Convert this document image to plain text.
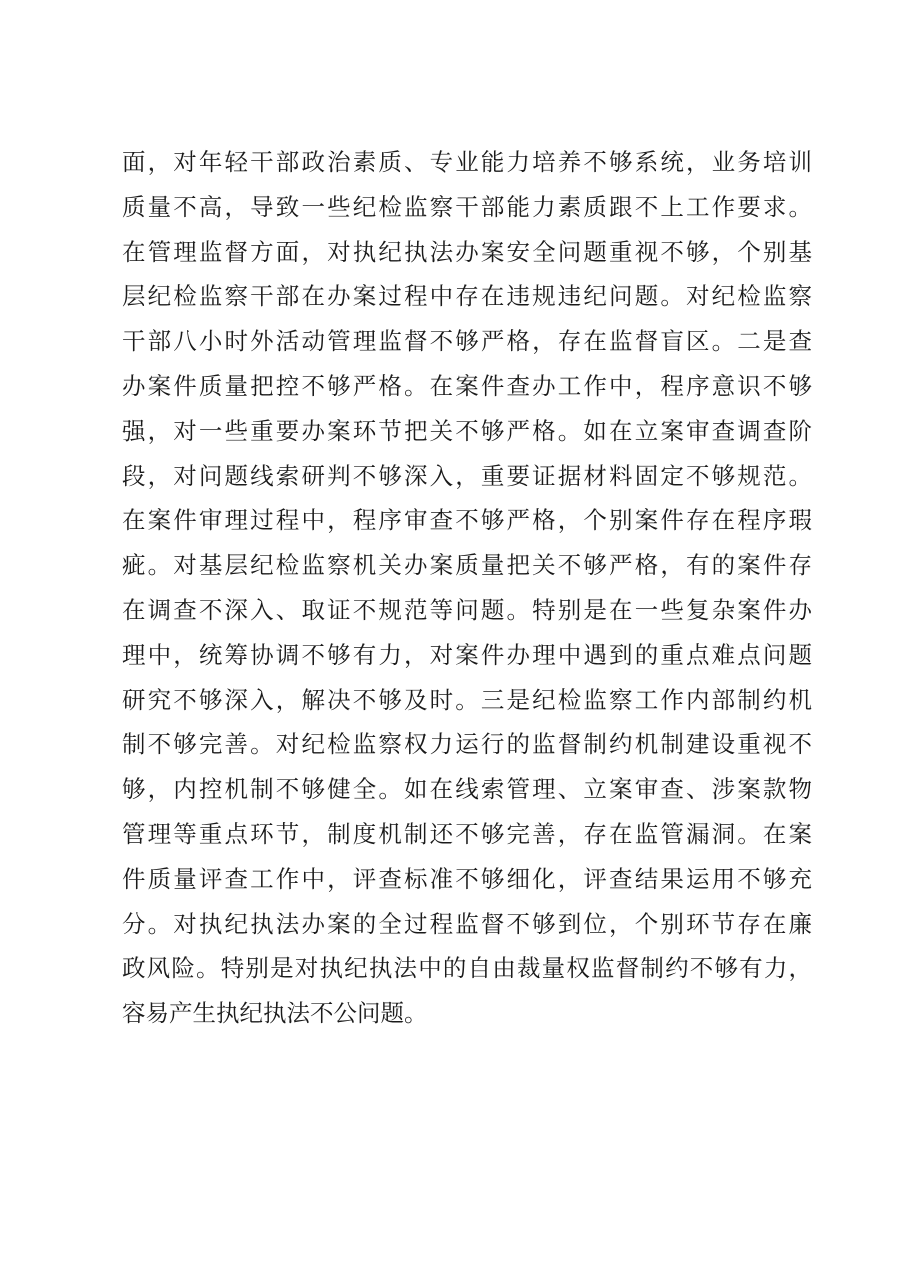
面，对年轻干部政治素质、专业能力培养不够系统，业务培训
质量不高，导致一些纪检监察干部能力素质跟不上工作要求。
在管理监督方面，对执纪执法办案安全问题重视不够，个别基
层纪检监察干部在办案过程中存在违规违纪问题。对纪检监察
干部八小时外活动管理监督不够严格，存在监督盲区。二是查
办案件质量把控不够严格。在案件查办工作中，程序意识不够
强，对一些重要办案环节把关不够严格。如在立案审查调查阶
段，对问题线索研判不够深入，重要证据材料固定不够规范。
在案件审理过程中，程序审查不够严格，个别案件存在程序瑕
疵。对基层纪检监察机关办案质量把关不够严格，有的案件存
在调查不深入、取证不规范等问题。特别是在一些复杂案件办
理中，统筹协调不够有力，对案件办理中遇到的重点难点问题
研究不够深入，解决不够及时。三是纪检监察工作内部制约机
制不够完善。对纪检监察权力运行的监督制约机制建设重视不
够，内控机制不够健全。如在线索管理、立案审查、涉案款物
管理等重点环节，制度机制还不够完善，存在监管漏洞。在案
件质量评查工作中，评查标准不够细化，评查结果运用不够充
分。对执纪执法办案的全过程监督不够到位，个别环节存在廉
政风险。特别是对执纪执法中的自由裁量权监督制约不够有力，
容易产生执纪执法不公问题。
